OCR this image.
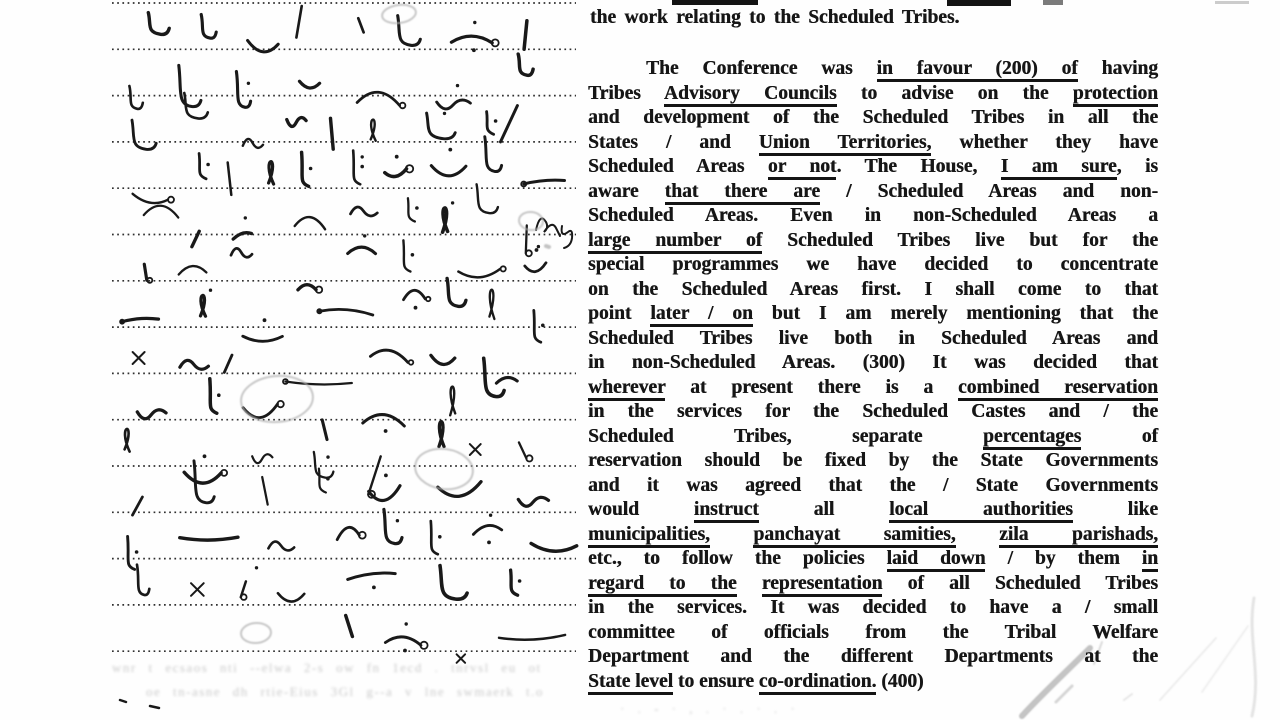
wnr t ecsaos nti --elwa 2-s ow fn 1ecd . tnrvsl eu ot
oe tn-asne dh rtie-Eius 3Gl g--a v lne swmaerk t.o
· . - · , . · . · . ·
the work relating to the Scheduled Tribes.
The Conference was in favour (200) of having
Tribes Advisory Councils to advise on the protection
and development of the Scheduled Tribes in all the
States / and Union Territories, whether they have
Scheduled Areas or not. The House, I am sure, is
aware that there are / Scheduled Areas and non-
Scheduled Areas. Even in non-Scheduled Areas a
large number of Scheduled Tribes live but for the
special programmes we have decided to concentrate
on the Scheduled Areas first. I shall come to that
point later / on but I am merely mentioning that the
Scheduled Tribes live both in Scheduled Areas and
in non-Scheduled Areas. (300) It was decided that
wherever at present there is a combined reservation
in the services for the Scheduled Castes and / the
Scheduled Tribes, separate percentages of
reservation should be fixed by the State Governments
and it was agreed that the / State Governments
would instruct all local authorities like
municipalities, panchayat samities, zila parishads,
etc., to follow the policies laid down / by them in
regard to the representation of all Scheduled Tribes
in the services. It was decided to have a / small
committee of officials from the Tribal Welfare
Department and the different Departments at the
State level to ensure co-ordination. (400)
